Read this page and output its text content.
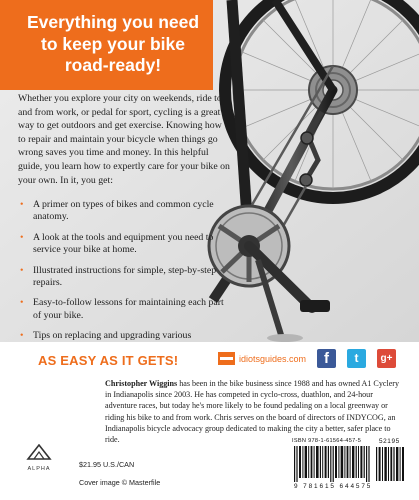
Everything you need to keep your bike road-ready!

Whether you explore your city on weekends, ride to and from work, or pedal for sport, cycling is a great way to get outdoors and get exercise. Knowing how to repair and maintain your bicycle when things go wrong saves you time and money. In this helpful guide, you learn how to expertly care for your bike on your own. In it, you get:

• A primer on types of bikes and common cycle anatomy.
• A look at the tools and equipment you need to service your bike at home.
• Illustrated instructions for simple, step-by-step repairs.
• Easy-to-follow lessons for maintaining each part of your bike.
• Tips on replacing and upgrading various

AS EASY AS IT GETS!	idiotsguides.com	f	t	g+

Christopher Wiggins has been in the bike business since 1988 and has owned A1 Cyclery in Indianapolis since 2003. He has competed in cyclo-cross, duathlon, and 24-hour adventure races, but today he's more likely to be found pedaling on a local greenway or riding his bike to and from work. Chris serves on the board of directors of INDYCOG, an Indianapolis bicycle advocacy group dedicated to making the city a better, safer place to ride.

ALPHA	$21.95 U.S./CAN

Cover image © Masterfile

ISBN 978-1-61564-457-5

9 781615 644575

52195
